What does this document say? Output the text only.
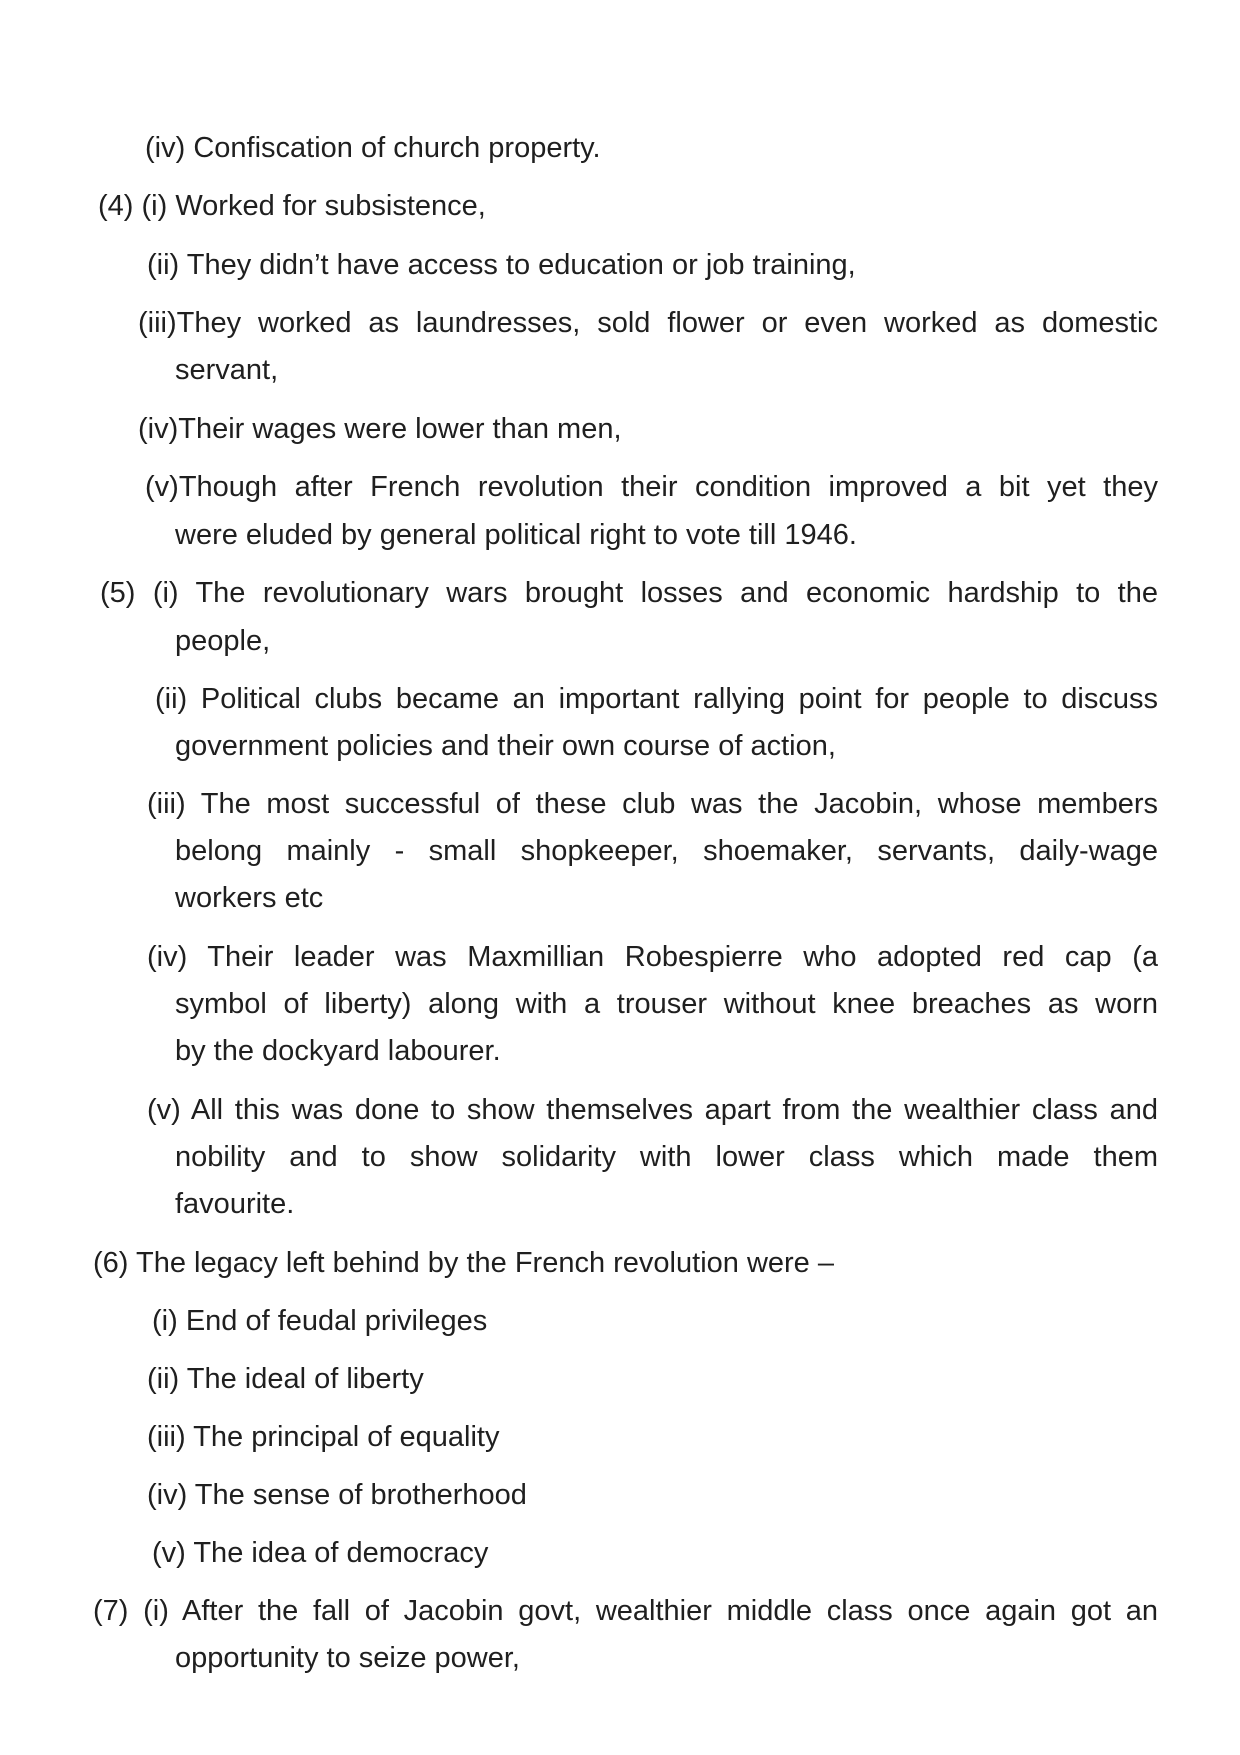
(iv) Confiscation of church property.
(4) (i) Worked for subsistence,
(ii) They didn’t have access to education or job training,
(iii)They worked as laundresses, sold flower or even worked as domestic
servant,
(iv)Their wages were lower than men,
(v)Though after French revolution their condition improved a bit yet they
were eluded by general political right to vote till 1946.
(5) (i) The revolutionary wars brought losses and economic hardship to the
people,
(ii) Political clubs became an important rallying point for people to discuss
government policies and their own course of action,
(iii) The most successful of these club was the Jacobin, whose members
belong mainly - small shopkeeper, shoemaker, servants, daily-wage
workers etc
(iv) Their leader was Maxmillian Robespierre who adopted red cap (a
symbol of liberty) along with a trouser without knee breaches as worn
by the dockyard labourer.
(v) All this was done to show themselves apart from the wealthier class and
nobility and to show solidarity with lower class which made them
favourite.
(6) The legacy left behind by the French revolution were –
(i) End of feudal privileges
(ii) The ideal of liberty
(iii) The principal of equality
(iv) The sense of brotherhood
(v) The idea of democracy
(7) (i) After the fall of Jacobin govt, wealthier middle class once again got an
opportunity to seize power,
